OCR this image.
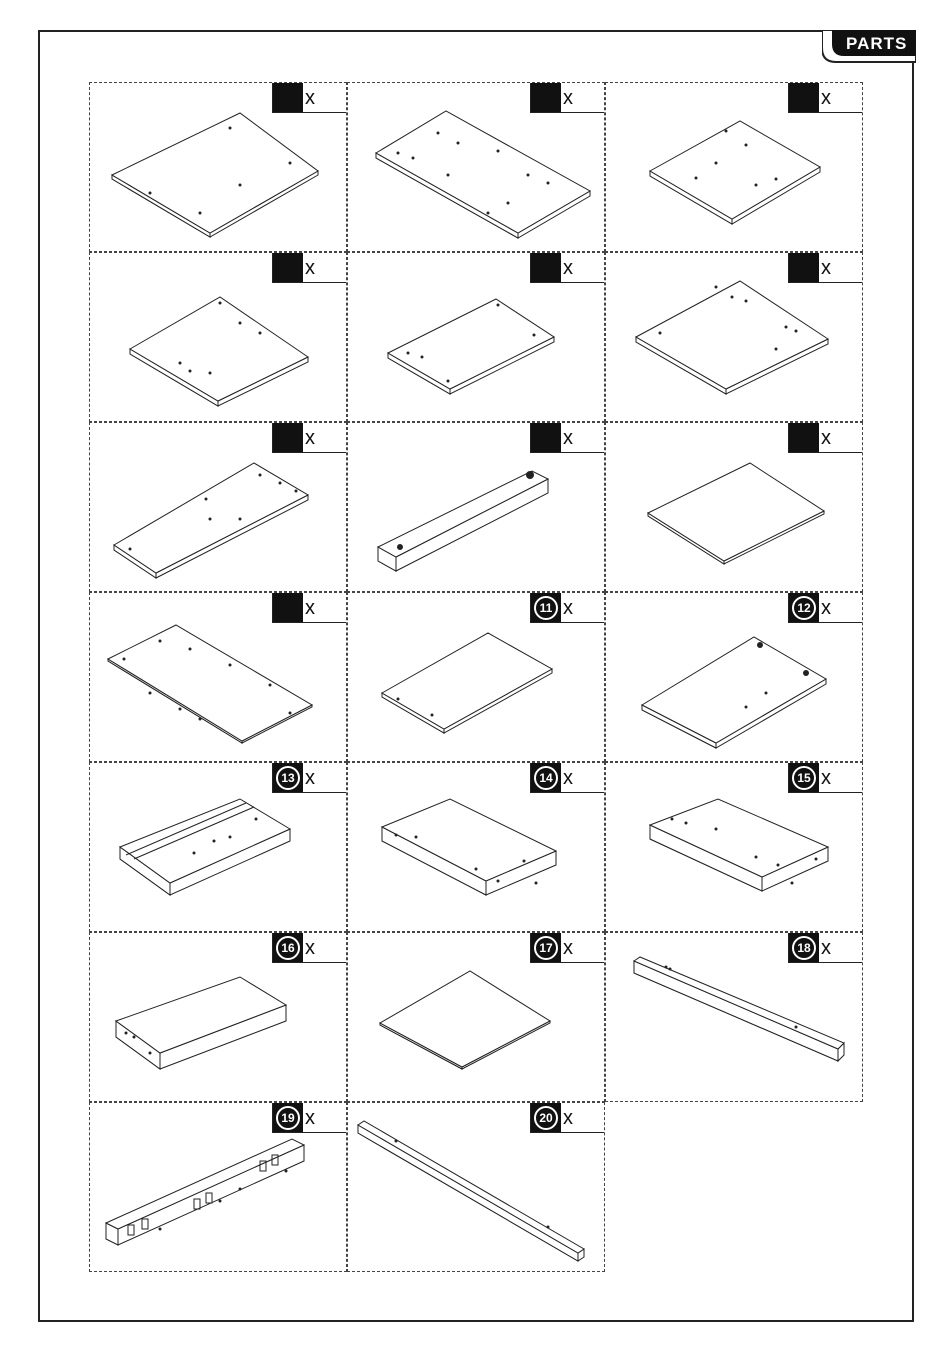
PARTS
x	x	x
x	x	x
x	x	x
x	11 x	12 x
13 x	14 x	15 x
16 x	17 x	18 x
19 x	20 x
